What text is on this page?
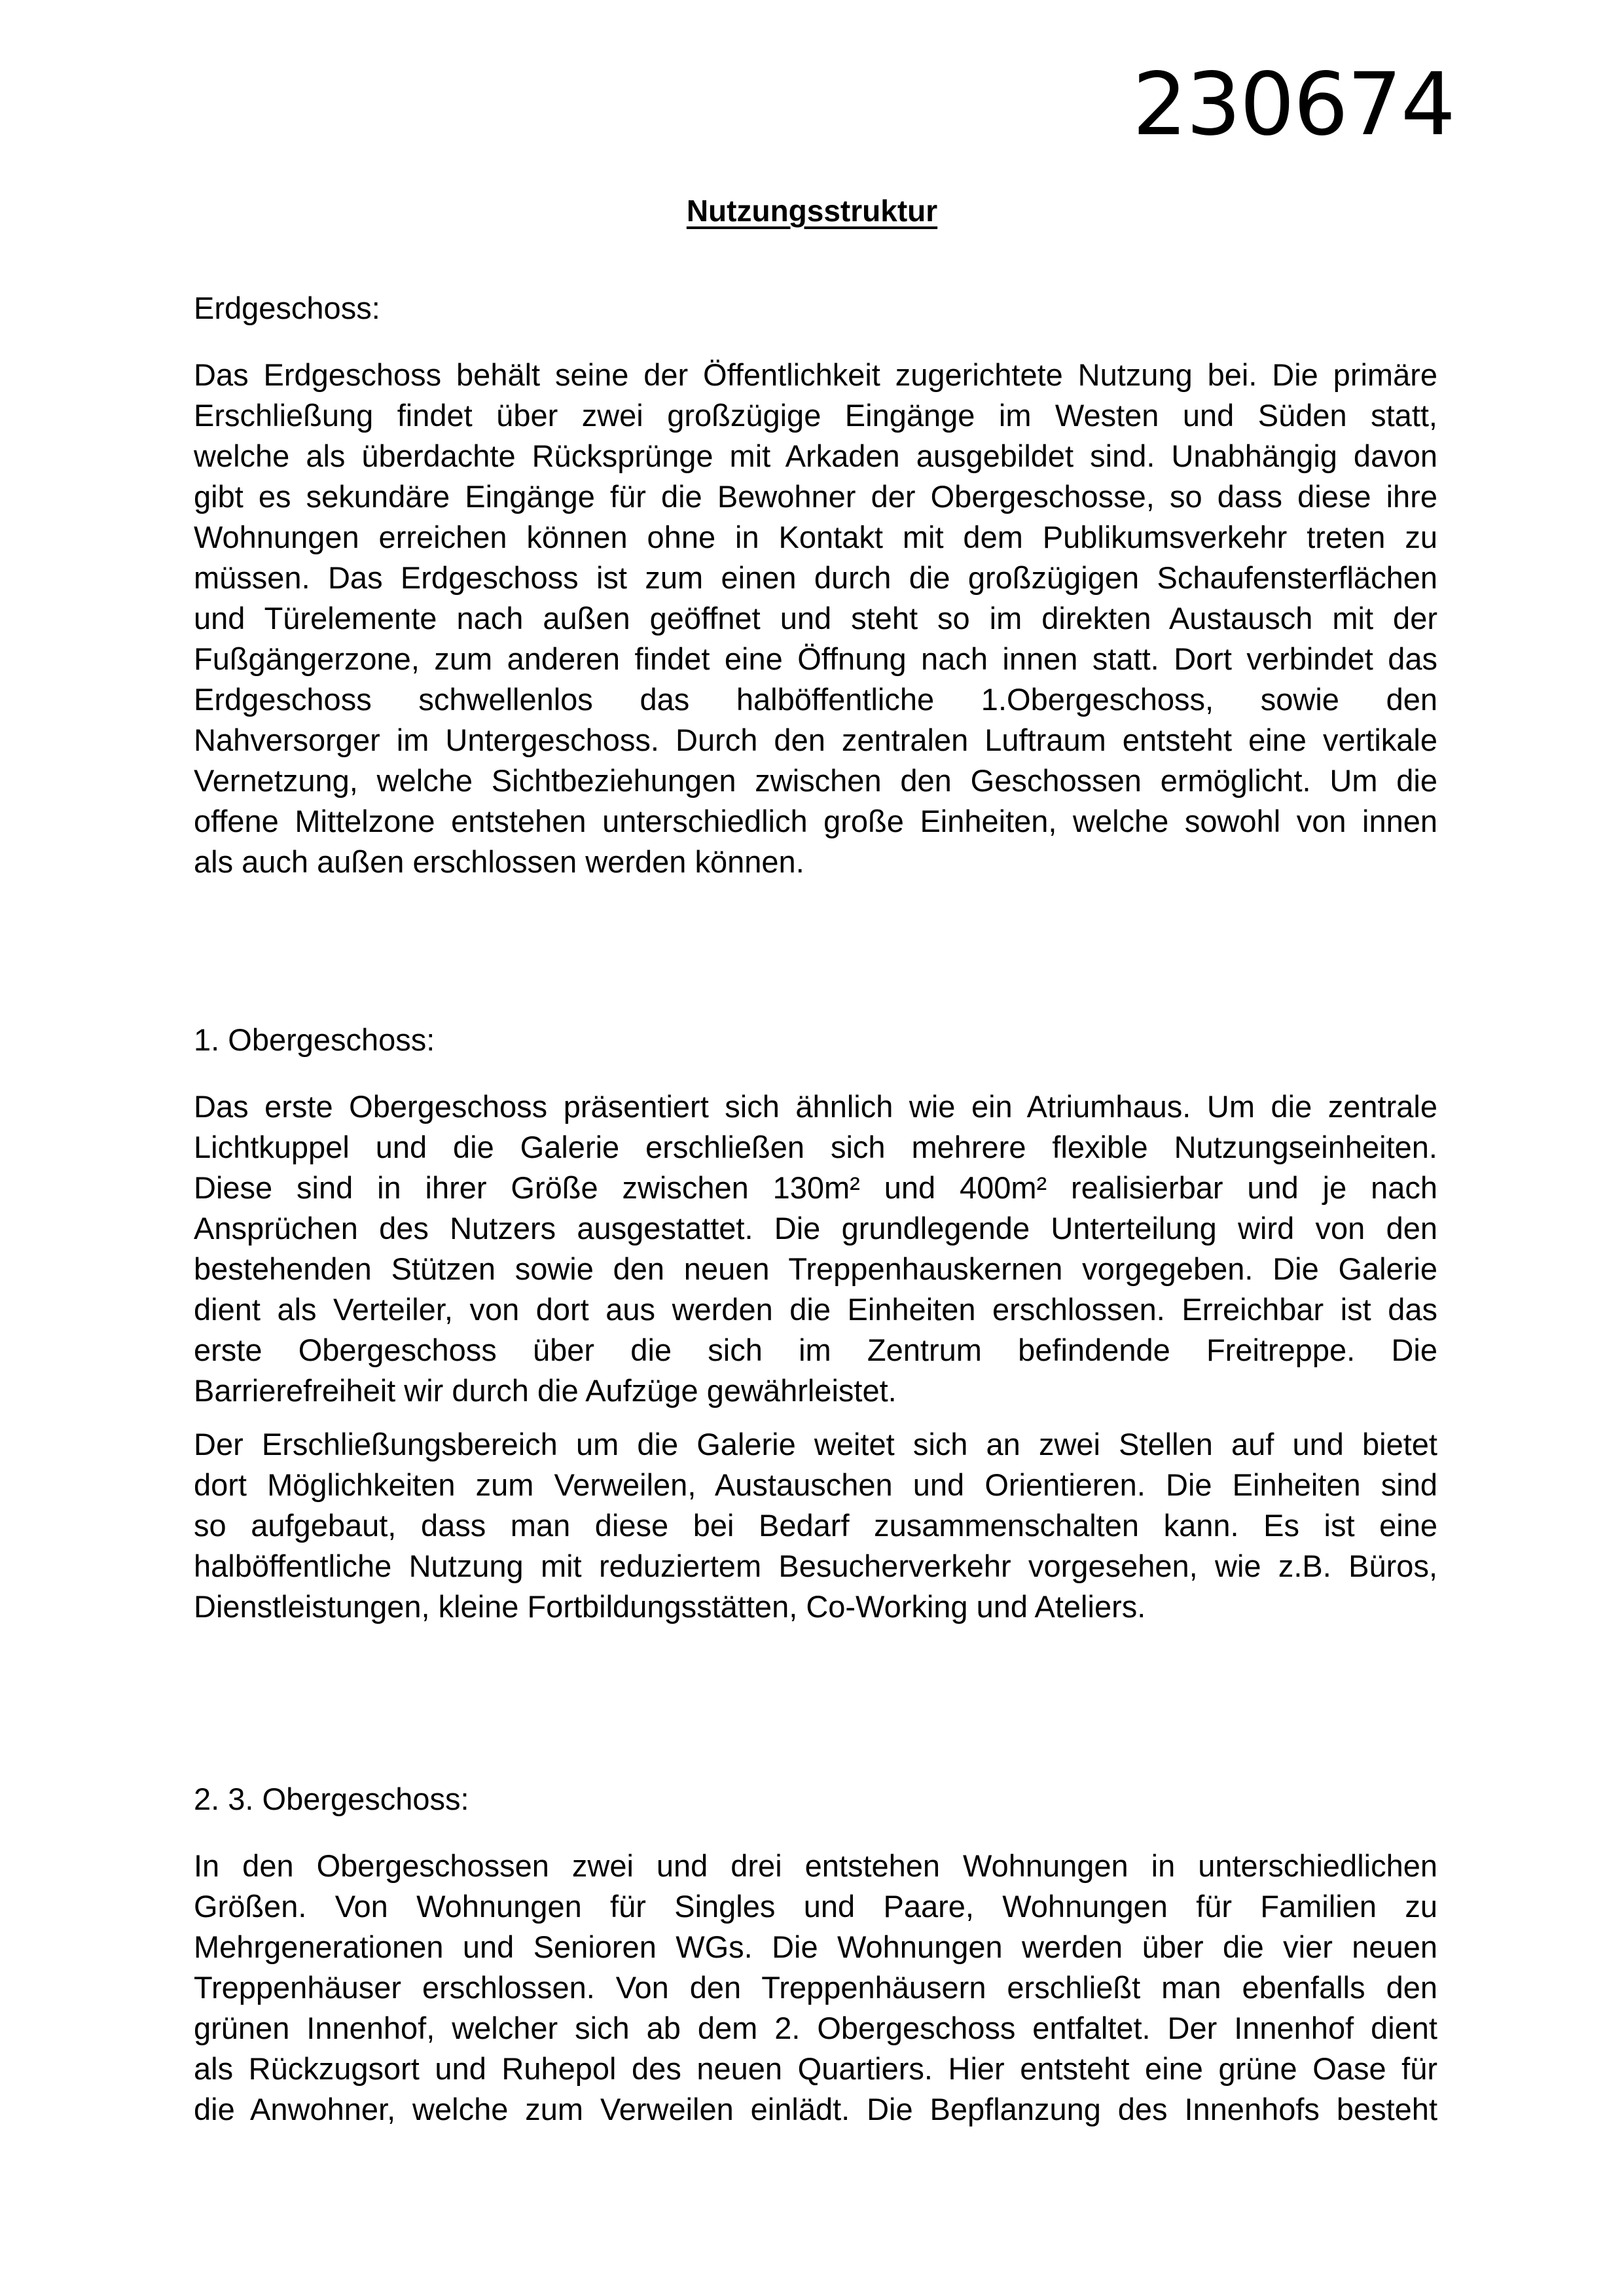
230674
Nutzungsstruktur
Erdgeschoss:
Das Erdgeschoss behält seine der Öffentlichkeit zugerichtete Nutzung bei. Die primäre
Erschließung findet über zwei großzügige Eingänge im Westen und Süden statt,
welche als überdachte Rücksprünge mit Arkaden ausgebildet sind. Unabhängig davon
gibt es sekundäre Eingänge für die Bewohner der Obergeschosse, so dass diese ihre
Wohnungen erreichen können ohne in Kontakt mit dem Publikumsverkehr treten zu
müssen. Das Erdgeschoss ist zum einen durch die großzügigen Schaufensterflächen
und Türelemente nach außen geöffnet und steht so im direkten Austausch mit der
Fußgängerzone, zum anderen findet eine Öffnung nach innen statt. Dort verbindet das
Erdgeschoss schwellenlos das halböffentliche 1.Obergeschoss, sowie den
Nahversorger im Untergeschoss. Durch den zentralen Luftraum entsteht eine vertikale
Vernetzung, welche Sichtbeziehungen zwischen den Geschossen ermöglicht. Um die
offene Mittelzone entstehen unterschiedlich große Einheiten, welche sowohl von innen
als auch außen erschlossen werden können.
1. Obergeschoss:
Das erste Obergeschoss präsentiert sich ähnlich wie ein Atriumhaus. Um die zentrale
Lichtkuppel und die Galerie erschließen sich mehrere flexible Nutzungseinheiten.
Diese sind in ihrer Größe zwischen 130m² und 400m² realisierbar und je nach
Ansprüchen des Nutzers ausgestattet. Die grundlegende Unterteilung wird von den
bestehenden Stützen sowie den neuen Treppenhauskernen vorgegeben. Die Galerie
dient als Verteiler, von dort aus werden die Einheiten erschlossen. Erreichbar ist das
erste Obergeschoss über die sich im Zentrum befindende Freitreppe. Die
Barrierefreiheit wir durch die Aufzüge gewährleistet.
Der Erschließungsbereich um die Galerie weitet sich an zwei Stellen auf und bietet
dort Möglichkeiten zum Verweilen, Austauschen und Orientieren. Die Einheiten sind
so aufgebaut, dass man diese bei Bedarf zusammenschalten kann. Es ist eine
halböffentliche Nutzung mit reduziertem Besucherverkehr vorgesehen, wie z.B. Büros,
Dienstleistungen, kleine Fortbildungsstätten, Co-Working und Ateliers.
2. 3. Obergeschoss:
In den Obergeschossen zwei und drei entstehen Wohnungen in unterschiedlichen
Größen. Von Wohnungen für Singles und Paare, Wohnungen für Familien zu
Mehrgenerationen und Senioren WGs. Die Wohnungen werden über die vier neuen
Treppenhäuser erschlossen. Von den Treppenhäusern erschließt man ebenfalls den
grünen Innenhof, welcher sich ab dem 2. Obergeschoss entfaltet. Der Innenhof dient
als Rückzugsort und Ruhepol des neuen Quartiers. Hier entsteht eine grüne Oase für
die Anwohner, welche zum Verweilen einlädt. Die Bepflanzung des Innenhofs besteht
